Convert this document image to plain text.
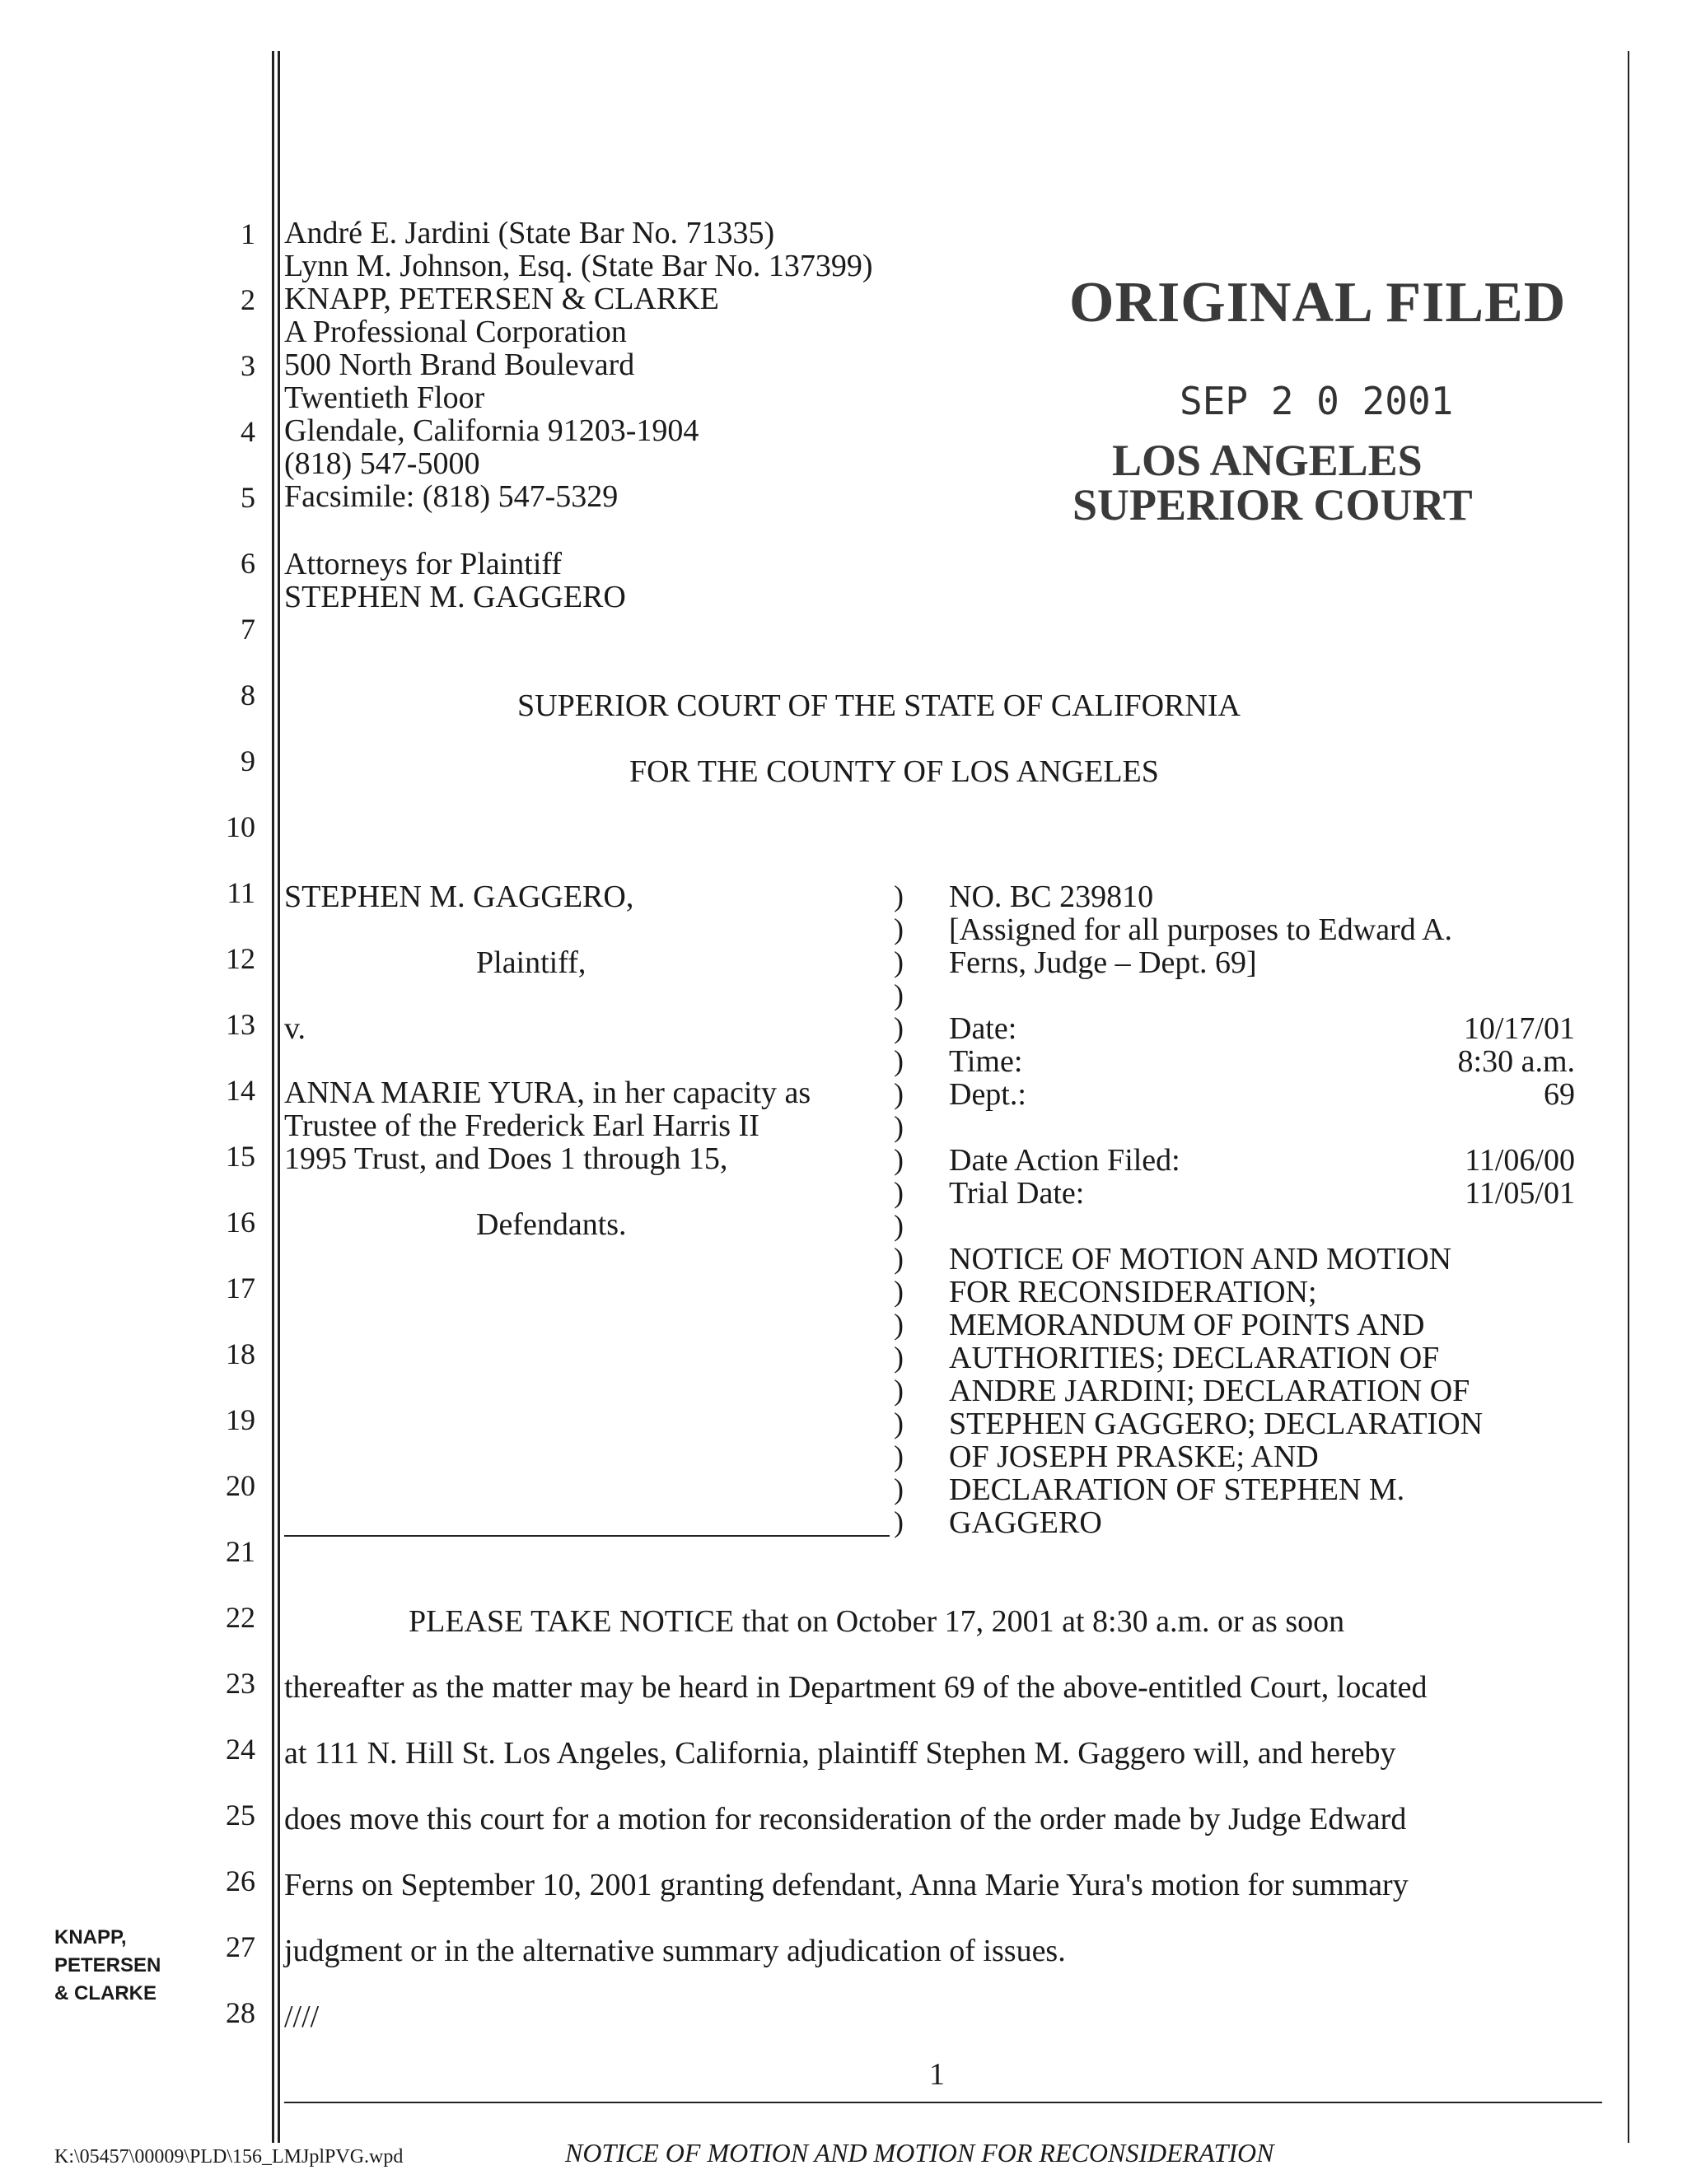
1
2
3
4
5
6
7
8
9
10
11
12
13
14
15
16
17
18
19
20
21
22
23
24
25
26
27
28
André E. Jardini (State Bar No. 71335)
Lynn M. Johnson, Esq. (State Bar No. 137399)
KNAPP, PETERSEN & CLARKE
A Professional Corporation
500 North Brand Boulevard
Twentieth Floor
Glendale, California 91203-1904
(818) 547-5000
Facsimile: (818) 547-5329
Attorneys for Plaintiff
STEPHEN M. GAGGERO
ORIGINAL FILED
SEP 2 0 2001
LOS ANGELES
SUPERIOR COURT
SUPERIOR COURT OF THE STATE OF CALIFORNIA
FOR THE COUNTY OF LOS ANGELES
STEPHEN M. GAGGERO,
Plaintiff,
v.
ANNA MARIE YURA, in her capacity as
Trustee of the Frederick Earl Harris II
1995 Trust, and Does 1 through 15,
Defendants.
)
)
)
)
)
)
)
)
)
)
)
)
)
)
)
)
)
)
)
)
NO. BC 239810
[Assigned for all purposes to Edward A.
Ferns, Judge – Dept. 69]
Date:	10/17/01
Time:	8:30 a.m.
Dept.:	69
Date Action Filed:	11/06/00
Trial Date:	11/05/01
NOTICE OF MOTION AND MOTION
FOR RECONSIDERATION;
MEMORANDUM OF POINTS AND
AUTHORITIES; DECLARATION OF
ANDRE JARDINI; DECLARATION OF
STEPHEN GAGGERO; DECLARATION
OF JOSEPH PRASKE; AND
DECLARATION OF STEPHEN M.
GAGGERO
PLEASE TAKE NOTICE that on October 17, 2001 at 8:30 a.m. or as soon
thereafter as the matter may be heard in Department 69 of the above-entitled Court, located
at 111 N. Hill St. Los Angeles, California, plaintiff Stephen M. Gaggero will, and hereby
does move this court for a motion for reconsideration of the order made by Judge Edward
Ferns on September 10, 2001 granting defendant, Anna Marie Yura's motion for summary
judgment or in the alternative summary adjudication of issues.
////
KNAPP,
PETERSEN
& CLARKE
1
K:\05457\00009\PLD\156_LMJplPVG.wpd	NOTICE OF MOTION AND MOTION FOR RECONSIDERATION
